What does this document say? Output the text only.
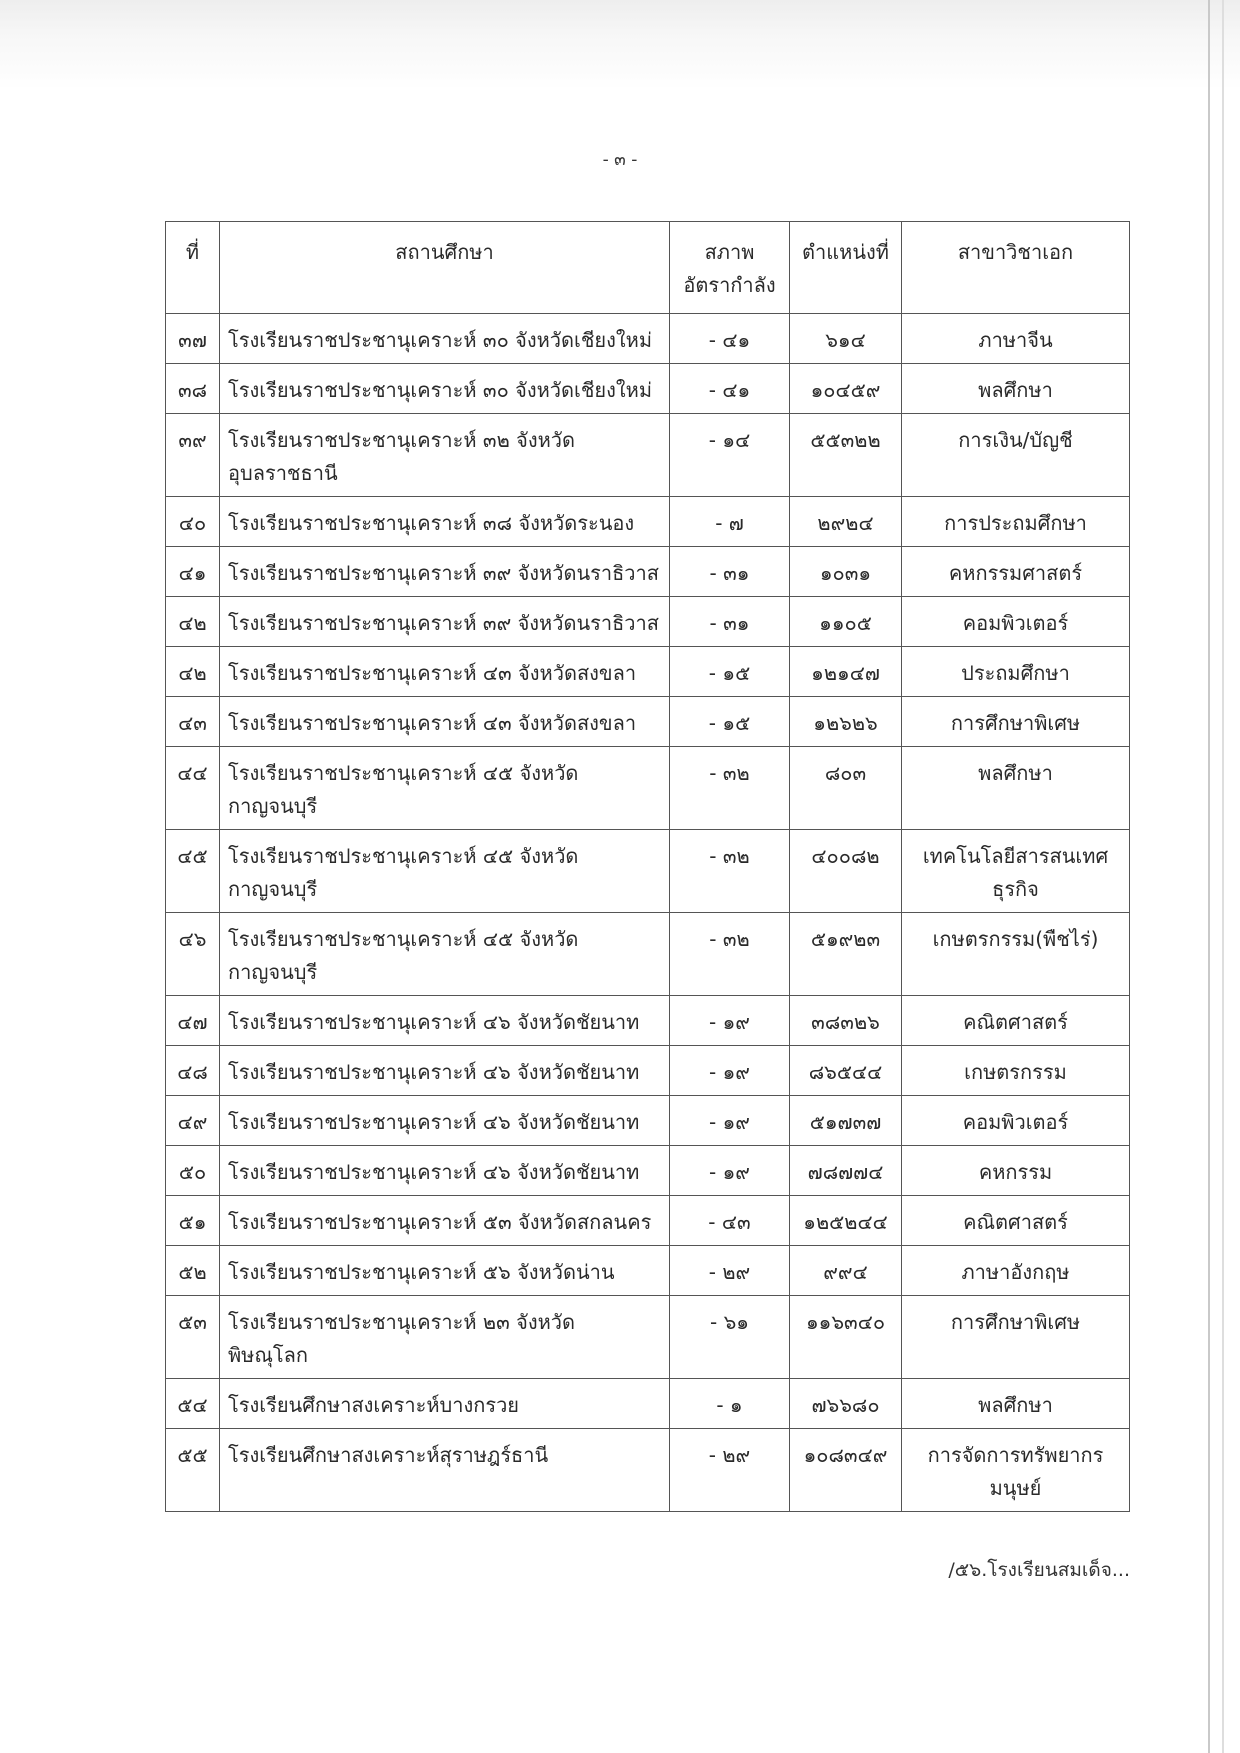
- ๓ -
ที่	สถานศึกษา	สภาพ อัตรากำลัง	ตำแหน่งที่	สาขาวิชาเอก
๓๗	โรงเรียนราชประชานุเคราะห์ ๓๐ จังหวัดเชียงใหม่	- ๔๑	๖๑๔	ภาษาจีน
๓๘	โรงเรียนราชประชานุเคราะห์ ๓๐ จังหวัดเชียงใหม่	- ๔๑	๑๐๔๕๙	พลศึกษา
๓๙	โรงเรียนราชประชานุเคราะห์ ๓๒ จังหวัด อุบลราชธานี	- ๑๔	๕๕๓๒๒	การเงิน/บัญชี
๔๐	โรงเรียนราชประชานุเคราะห์ ๓๘ จังหวัดระนอง	- ๗	๒๙๒๔	การประถมศึกษา
๔๑	โรงเรียนราชประชานุเคราะห์ ๓๙ จังหวัดนราธิวาส	- ๓๑	๑๐๓๑	คหกรรมศาสตร์
๔๒	โรงเรียนราชประชานุเคราะห์ ๓๙ จังหวัดนราธิวาส	- ๓๑	๑๑๐๕	คอมพิวเตอร์
๔๒	โรงเรียนราชประชานุเคราะห์ ๔๓ จังหวัดสงขลา	- ๑๕	๑๒๑๔๗	ประถมศึกษา
๔๓	โรงเรียนราชประชานุเคราะห์ ๔๓ จังหวัดสงขลา	- ๑๕	๑๒๖๒๖	การศึกษาพิเศษ
๔๔	โรงเรียนราชประชานุเคราะห์ ๔๕ จังหวัดกาญจนบุรี	- ๓๒	๘๐๓	พลศึกษา
๔๕	โรงเรียนราชประชานุเคราะห์ ๔๕ จังหวัดกาญจนบุรี	- ๓๒	๔๐๐๘๒	เทคโนโลยีสารสนเทศ ธุรกิจ
๔๖	โรงเรียนราชประชานุเคราะห์ ๔๕ จังหวัดกาญจนบุรี	- ๓๒	๕๑๙๒๓	เกษตรกรรม(พืชไร่)
๔๗	โรงเรียนราชประชานุเคราะห์ ๔๖ จังหวัดชัยนาท	- ๑๙	๓๘๓๒๖	คณิตศาสตร์
๔๘	โรงเรียนราชประชานุเคราะห์ ๔๖ จังหวัดชัยนาท	- ๑๙	๘๖๕๔๔	เกษตรกรรม
๔๙	โรงเรียนราชประชานุเคราะห์ ๔๖ จังหวัดชัยนาท	- ๑๙	๕๑๗๓๗	คอมพิวเตอร์
๕๐	โรงเรียนราชประชานุเคราะห์ ๔๖ จังหวัดชัยนาท	- ๑๙	๗๘๗๗๔	คหกรรม
๕๑	โรงเรียนราชประชานุเคราะห์ ๕๓ จังหวัดสกลนคร	- ๔๓	๑๒๕๒๔๔	คณิตศาสตร์
๕๒	โรงเรียนราชประชานุเคราะห์ ๕๖ จังหวัดน่าน	- ๒๙	๙๙๔	ภาษาอังกฤษ
๕๓	โรงเรียนราชประชานุเคราะห์ ๒๓ จังหวัด พิษณุโลก	- ๖๑	๑๑๖๓๔๐	การศึกษาพิเศษ
๕๔	โรงเรียนศึกษาสงเคราะห์บางกรวย	- ๑	๗๖๖๘๐	พลศึกษา
๕๕	โรงเรียนศึกษาสงเคราะห์สุราษฎร์ธานี	- ๒๙	๑๐๘๓๔๙	การจัดการทรัพยากร มนุษย์
/๕๖.โรงเรียนสมเด็จ...
